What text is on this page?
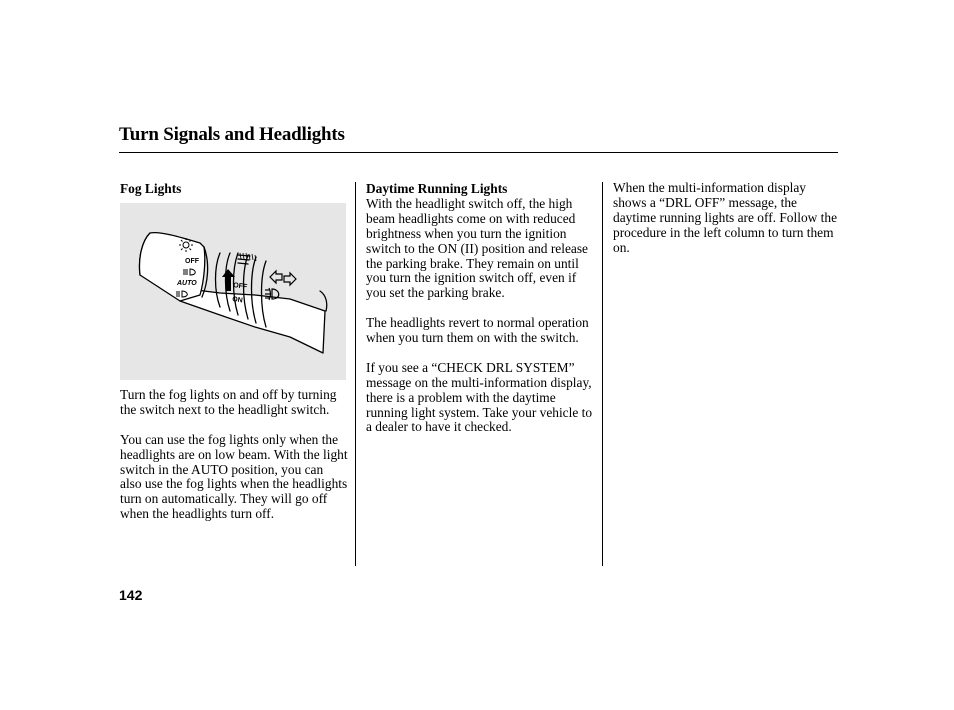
Turn Signals and Headlights
Fog Lights
OFF
AUTO	OFF
ON

Turn the fog lights on and off by turning the switch next to the headlight switch.

You can use the fog lights only when the headlights are on low beam. With the light switch in the AUTO position, you can also use the fog lights when the headlights turn on automatically. They will go off when the headlights turn off.

Daytime Running Lights

With the headlight switch off, the high beam headlights come on with reduced brightness when you turn the ignition switch to the ON (II) position and release the parking brake. They remain on until you turn the ignition switch off, even if you set the parking brake.

The headlights revert to normal operation when you turn them on with the switch.

If you see a “CHECK DRL SYSTEM” message on the multi-information display, there is a problem with the daytime running light system. Take your vehicle to a dealer to have it checked.

When the multi-information display shows a “DRL OFF” message, the daytime running lights are off. Follow the procedure in the left column to turn them on.

142
